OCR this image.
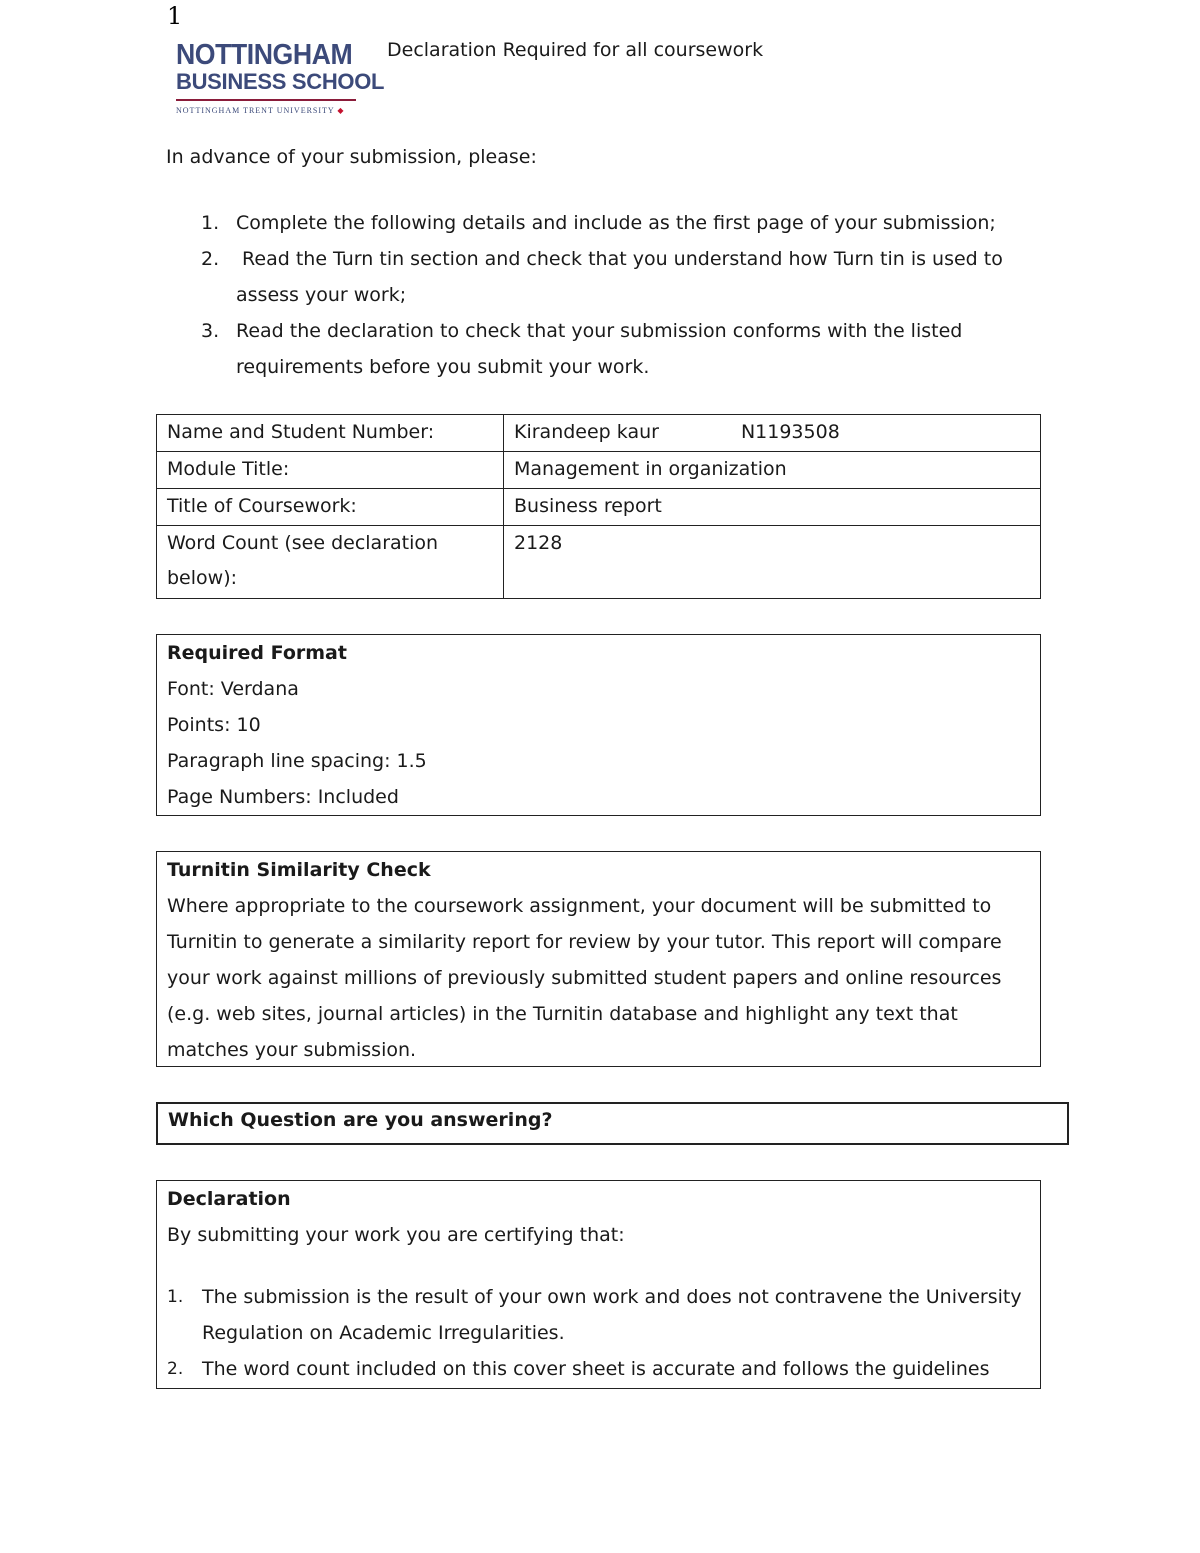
1
NOTTINGHAM
BUSINESS SCHOOL
NOTTINGHAM TRENT UNIVERSITY ◆
Declaration Required for all coursework
In advance of your submission, please:
1. Complete the following details and include as the first page of your submission;
2. Read the Turn tin section and check that you understand how Turn tin is used to assess your work;
3. Read the declaration to check that your submission conforms with the listed requirements before you submit your work.
Name and Student Number:	Kirandeep kaur N1193508
Module Title:	Management in organization
Title of Coursework:	Business report
Word Count (see declaration below):	2128
Required Format
Font: Verdana
Points: 10
Paragraph line spacing: 1.5
Page Numbers: Included
Turnitin Similarity Check
Where appropriate to the coursework assignment, your document will be submitted to Turnitin to generate a similarity report for review by your tutor. This report will compare your work against millions of previously submitted student papers and online resources (e.g. web sites, journal articles) in the Turnitin database and highlight any text that matches your submission.
Which Question are you answering?
Declaration
By submitting your work you are certifying that:
1. The submission is the result of your own work and does not contravene the University Regulation on Academic Irregularities.
2. The word count included on this cover sheet is accurate and follows the guidelines
